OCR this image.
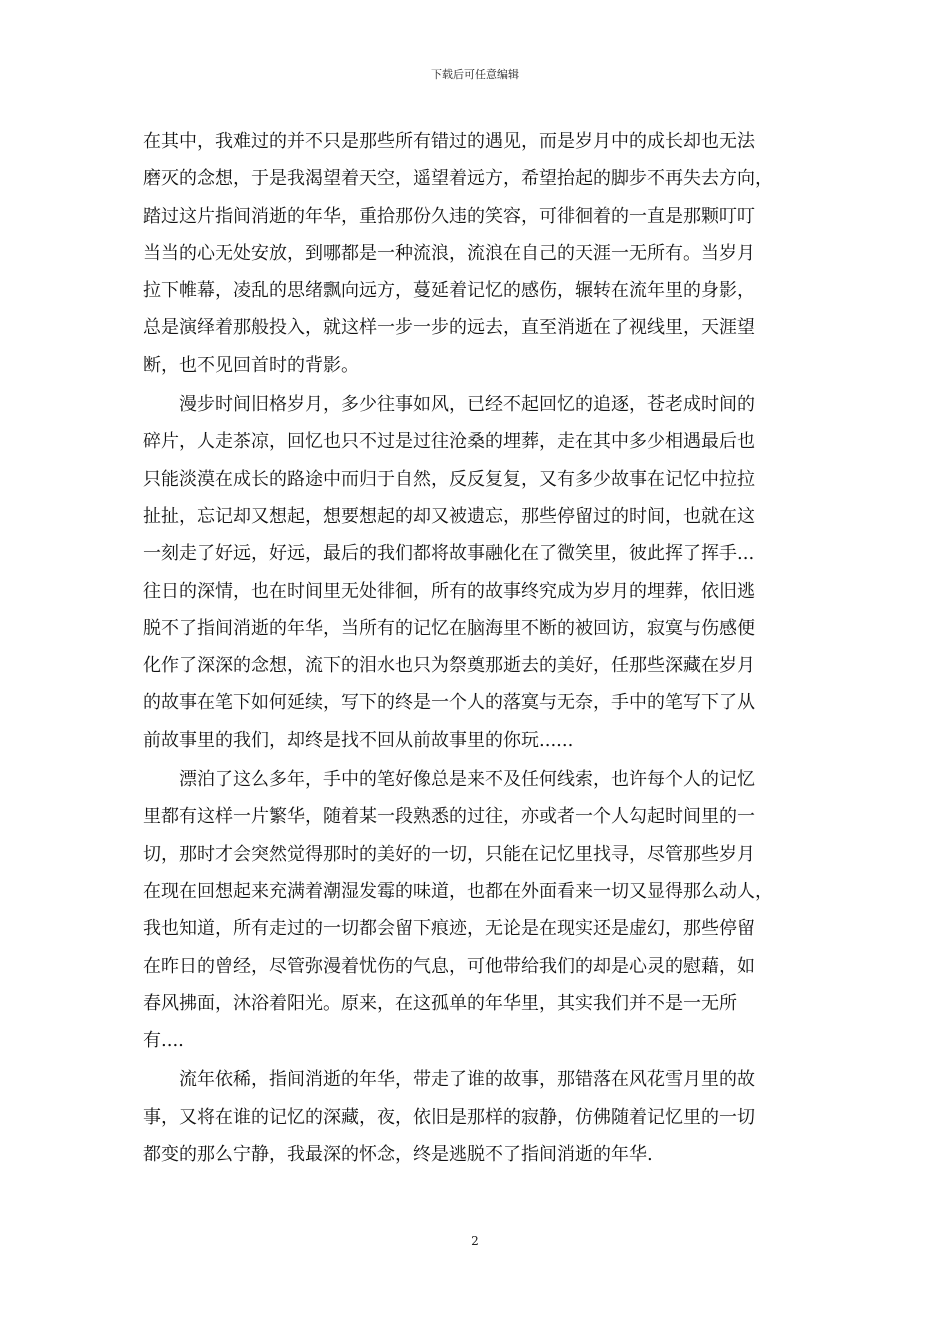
下载后可任意编辑

在其中，我难过的并不只是那些所有错过的遇见，而是岁月中的成长却也无法
磨灭的念想，于是我渴望着天空，遥望着远方，希望抬起的脚步不再失去方向，
踏过这片指间消逝的年华，重拾那份久违的笑容，可徘徊着的一直是那颗叮叮
当当的心无处安放，到哪都是一种流浪，流浪在自己的天涯一无所有。当岁月
拉下帷幕，凌乱的思绪飘向远方，蔓延着记忆的感伤，辗转在流年里的身影，
总是演绎着那般投入，就这样一步一步的远去，直至消逝在了视线里，天涯望
断，也不见回首时的背影。

　　漫步时间旧格岁月，多少往事如风，已经不起回忆的追逐，苍老成时间的
碎片，人走茶凉，回忆也只不过是过往沧桑的埋葬，走在其中多少相遇最后也
只能淡漠在成长的路途中而归于自然，反反复复，又有多少故事在记忆中拉拉
扯扯，忘记却又想起，想要想起的却又被遗忘，那些停留过的时间，也就在这
一刻走了好远，好远，最后的我们都将故事融化在了微笑里，彼此挥了挥手...
往日的深情，也在时间里无处徘徊，所有的故事终究成为岁月的埋葬，依旧逃
脱不了指间消逝的年华，当所有的记忆在脑海里不断的被回访，寂寞与伤感便
化作了深深的念想，流下的泪水也只为祭奠那逝去的美好，任那些深藏在岁月
的故事在笔下如何延续，写下的终是一个人的落寞与无奈，手中的笔写下了从
前故事里的我们，却终是找不回从前故事里的你玩......

　　漂泊了这么多年，手中的笔好像总是来不及任何线索，也许每个人的记忆
里都有这样一片繁华，随着某一段熟悉的过往，亦或者一个人勾起时间里的一
切，那时才会突然觉得那时的美好的一切，只能在记忆里找寻，尽管那些岁月
在现在回想起来充满着潮湿发霉的味道，也都在外面看来一切又显得那么动人，
我也知道，所有走过的一切都会留下痕迹，无论是在现实还是虚幻，那些停留
在昨日的曾经，尽管弥漫着忧伤的气息，可他带给我们的却是心灵的慰藉，如
春风拂面，沐浴着阳光。原来，在这孤单的年华里，其实我们并不是一无所
有....

　　流年依稀，指间消逝的年华，带走了谁的故事，那错落在风花雪月里的故
事，又将在谁的记忆的深藏，夜，依旧是那样的寂静，仿佛随着记忆里的一切
都变的那么宁静，我最深的怀念，终是逃脱不了指间消逝的年华.

2
